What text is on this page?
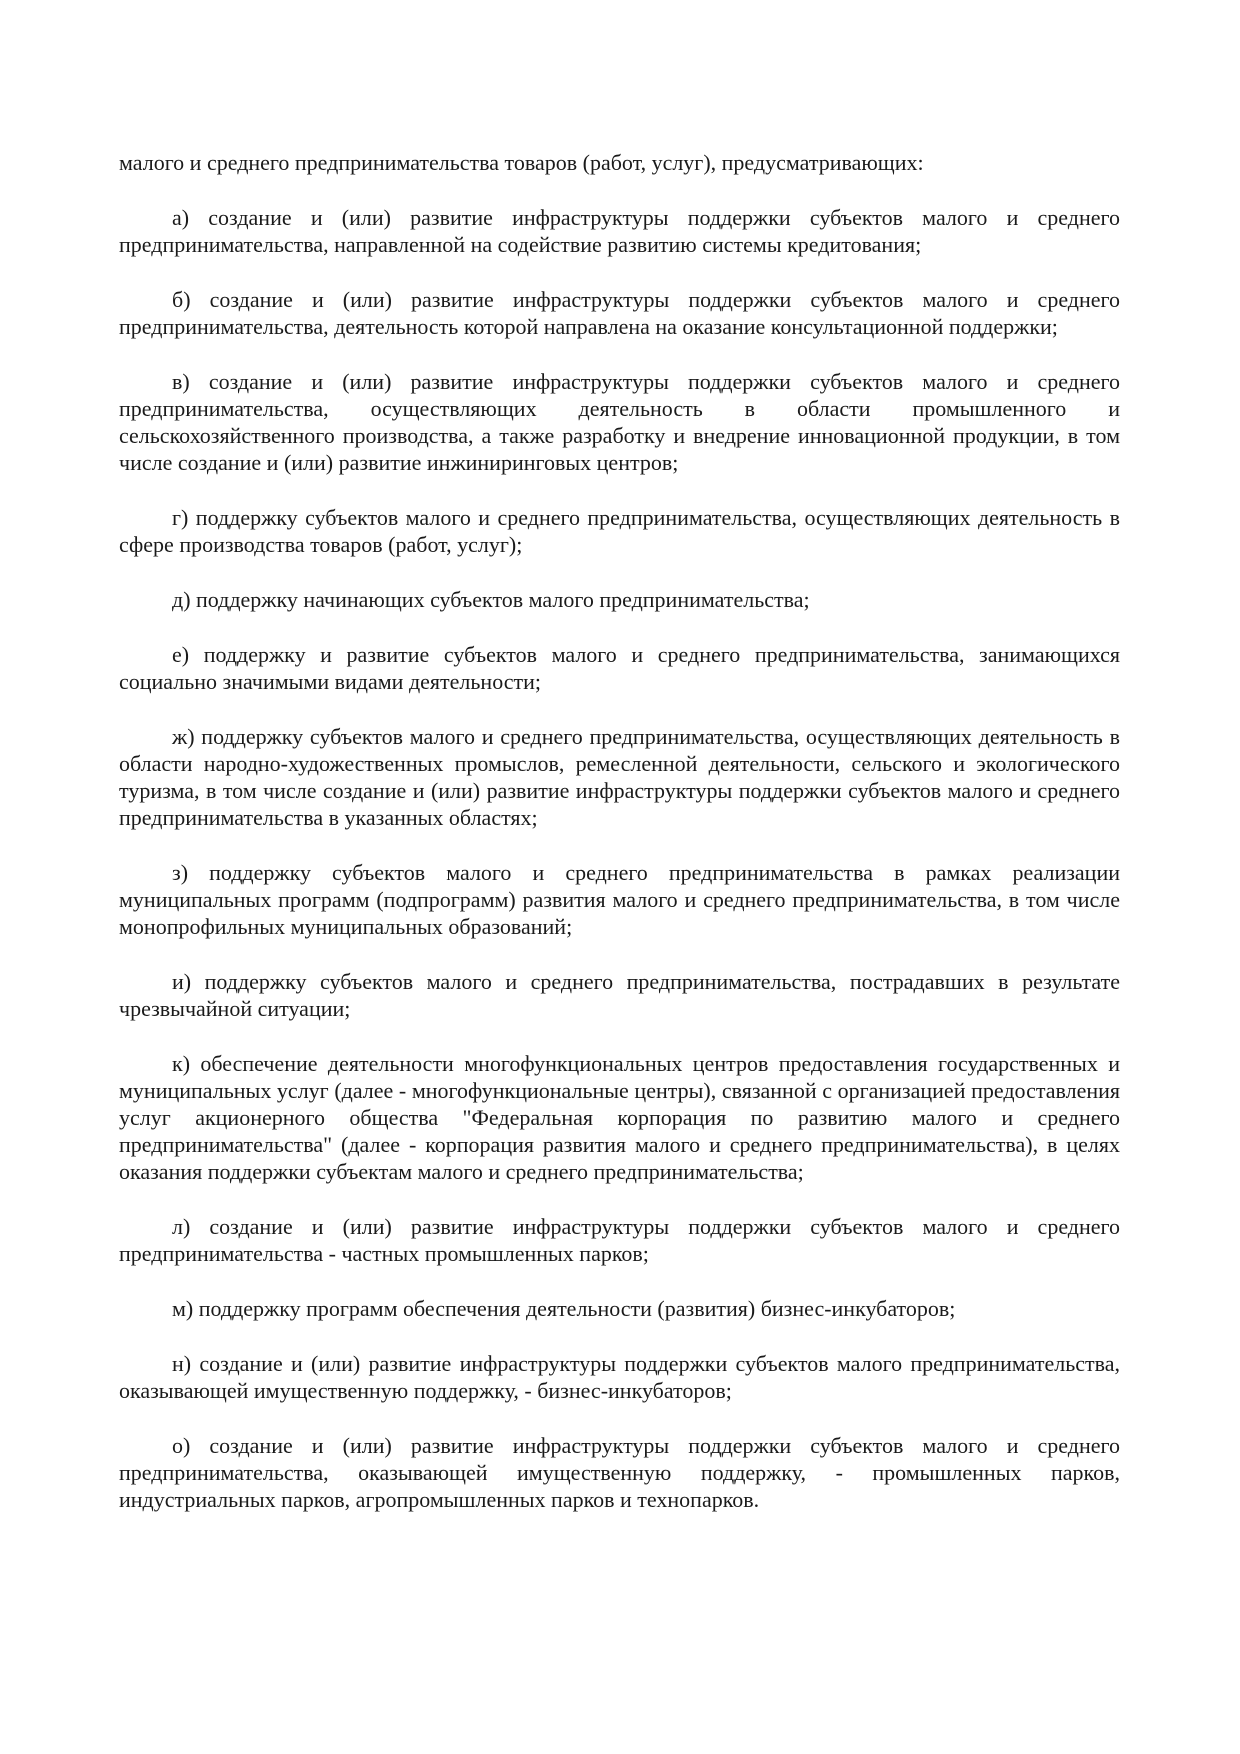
малого и среднего предпринимательства товаров (работ, услуг), предусматривающих:

а) создание и (или) развитие инфраструктуры поддержки субъектов малого и среднего предпринимательства, направленной на содействие развитию системы кредитования;

б) создание и (или) развитие инфраструктуры поддержки субъектов малого и среднего предпринимательства, деятельность которой направлена на оказание консультационной поддержки;

в) создание и (или) развитие инфраструктуры поддержки субъектов малого и среднего предпринимательства, осуществляющих деятельность в области промышленного и сельскохозяйственного производства, а также разработку и внедрение инновационной продукции, в том числе создание и (или) развитие инжиниринговых центров;

г) поддержку субъектов малого и среднего предпринимательства, осуществляющих деятельность в сфере производства товаров (работ, услуг);

д) поддержку начинающих субъектов малого предпринимательства;

е) поддержку и развитие субъектов малого и среднего предпринимательства, занимающихся социально значимыми видами деятельности;

ж) поддержку субъектов малого и среднего предпринимательства, осуществляющих деятельность в области народно-художественных промыслов, ремесленной деятельности, сельского и экологического туризма, в том числе создание и (или) развитие инфраструктуры поддержки субъектов малого и среднего предпринимательства в указанных областях;

з) поддержку субъектов малого и среднего предпринимательства в рамках реализации муниципальных программ (подпрограмм) развития малого и среднего предпринимательства, в том числе монопрофильных муниципальных образований;

и) поддержку субъектов малого и среднего предпринимательства, пострадавших в результате чрезвычайной ситуации;

к) обеспечение деятельности многофункциональных центров предоставления государственных и муниципальных услуг (далее - многофункциональные центры), связанной с организацией предоставления услуг акционерного общества "Федеральная корпорация по развитию малого и среднего предпринимательства" (далее - корпорация развития малого и среднего предпринимательства), в целях оказания поддержки субъектам малого и среднего предпринимательства;

л) создание и (или) развитие инфраструктуры поддержки субъектов малого и среднего предпринимательства - частных промышленных парков;

м) поддержку программ обеспечения деятельности (развития) бизнес-инкубаторов;

н) создание и (или) развитие инфраструктуры поддержки субъектов малого предпринимательства, оказывающей имущественную поддержку, - бизнес-инкубаторов;

о) создание и (или) развитие инфраструктуры поддержки субъектов малого и среднего предпринимательства, оказывающей имущественную поддержку, - промышленных парков, индустриальных парков, агропромышленных парков и технопарков.
